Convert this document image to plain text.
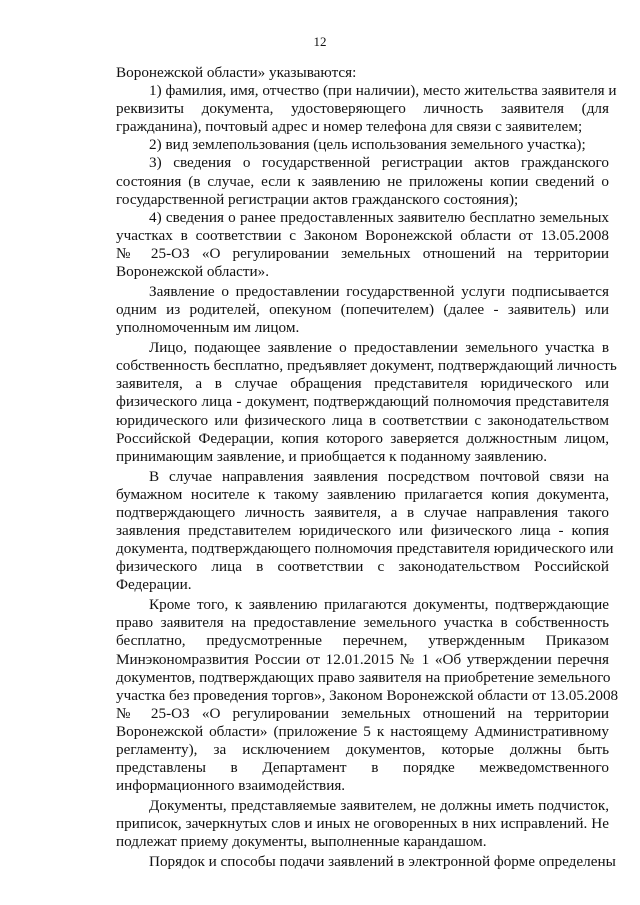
12
Воронежской области» указываются:
1) фамилия, имя, отчество (при наличии), место жительства заявителя и
реквизиты документа, удостоверяющего личность заявителя (для
гражданина), почтовый адрес и номер телефона для связи с заявителем;
2) вид землепользования (цель использования земельного участка);
3) сведения о государственной регистрации актов гражданского
состояния (в случае, если к заявлению не приложены копии сведений о
государственной регистрации актов гражданского состояния);
4) сведения о ранее предоставленных заявителю бесплатно земельных
участках в соответствии с Законом Воронежской области от 13.05.2008
№ 25-ОЗ «О регулировании земельных отношений на территории
Воронежской области».
Заявление о предоставлении государственной услуги подписывается
одним из родителей, опекуном (попечителем) (далее - заявитель) или
уполномоченным им лицом.
Лицо, подающее заявление о предоставлении земельного участка в
собственность бесплатно, предъявляет документ, подтверждающий личность
заявителя, а в случае обращения представителя юридического или
физического лица - документ, подтверждающий полномочия представителя
юридического или физического лица в соответствии с законодательством
Российской Федерации, копия которого заверяется должностным лицом,
принимающим заявление, и приобщается к поданному заявлению.
В случае направления заявления посредством почтовой связи на
бумажном носителе к такому заявлению прилагается копия документа,
подтверждающего личность заявителя, а в случае направления такого
заявления представителем юридического или физического лица - копия
документа, подтверждающего полномочия представителя юридического или
физического лица в соответствии с законодательством Российской
Федерации.
Кроме того, к заявлению прилагаются документы, подтверждающие
право заявителя на предоставление земельного участка в собственность
бесплатно, предусмотренные перечнем, утвержденным Приказом
Минэкономразвития России от 12.01.2015 № 1 «Об утверждении перечня
документов, подтверждающих право заявителя на приобретение земельного
участка без проведения торгов», Законом Воронежской области от 13.05.2008
№ 25-ОЗ «О регулировании земельных отношений на территории
Воронежской области» (приложение 5 к настоящему Административному
регламенту), за исключением документов, которые должны быть
представлены в Департамент в порядке межведомственного
информационного взаимодействия.
Документы, представляемые заявителем, не должны иметь подчисток,
приписок, зачеркнутых слов и иных не оговоренных в них исправлений. Не
подлежат приему документы, выполненные карандашом.
Порядок и способы подачи заявлений в электронной форме определены
